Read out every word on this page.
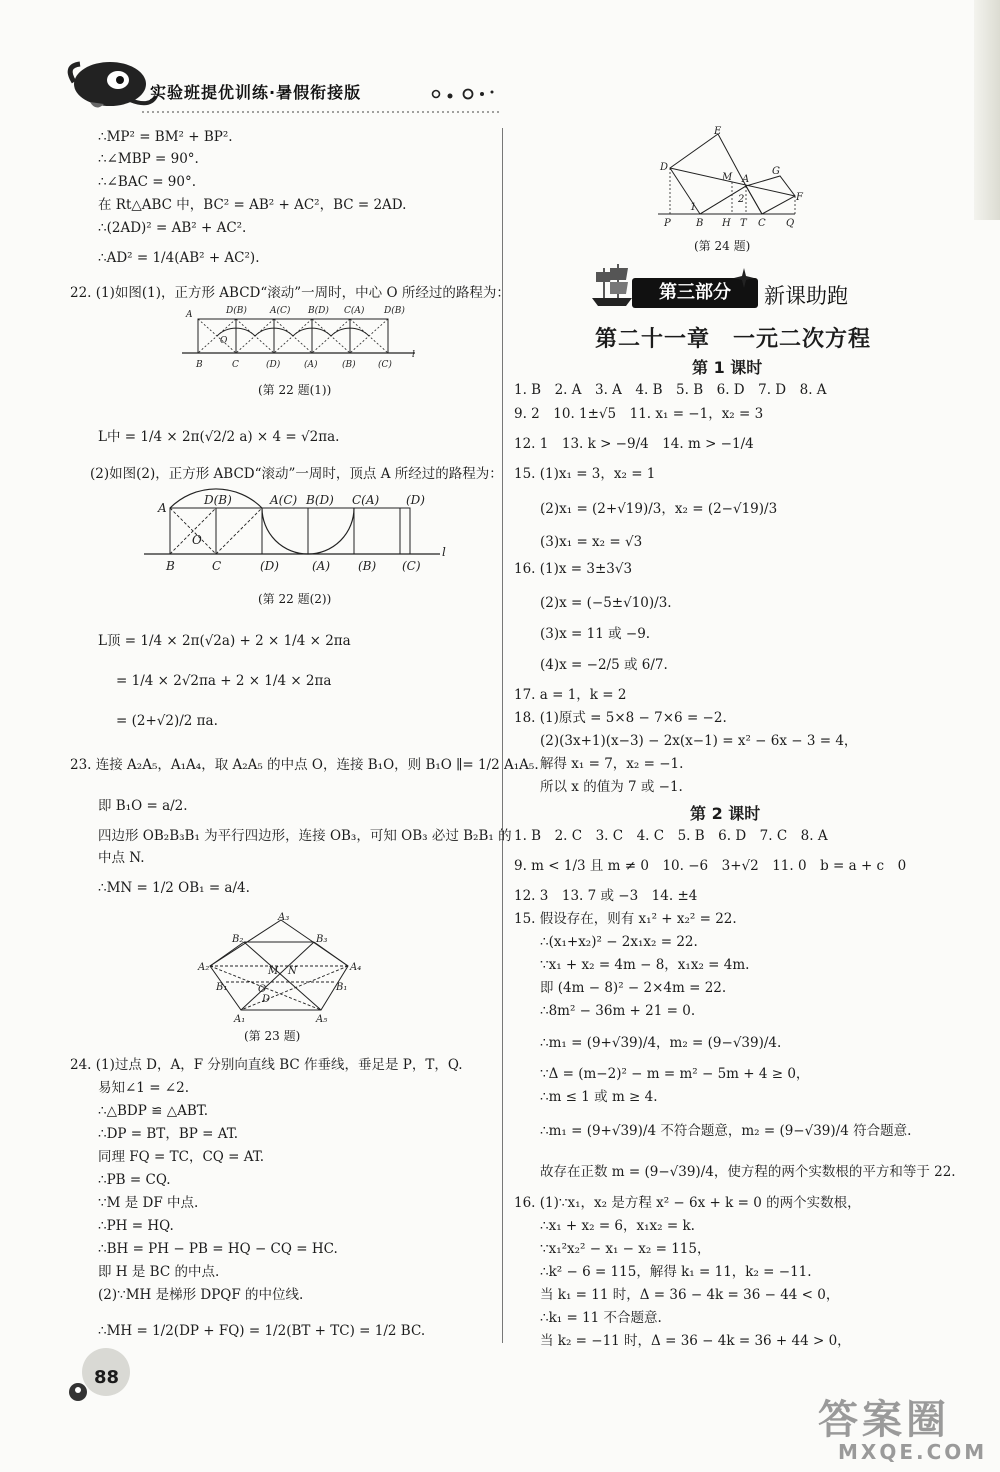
实验班提优训练·暑假衔接版
∴MP² = BM² + BP².
∴∠MBP = 90°.
∴∠BAC = 90°.
在 Rt△ABC 中，BC² = AB² + AC²，BC = 2AD.
∴(2AD)² = AB² + AC².
∴AD² = 1/4(AB² + AC²).
22. (1)如图(1)，正方形 ABCD“滚动”一周时，中心 O 所经过的路程为：
A	D(B)	A(C) B(D) C(A) D(B)
B	C	(D)	(A)	(B) (C)
O
l
(第 22 题(1))
L中 = 1/4 × 2π(√2/2 a) × 4 = √2πa.
(2)如图(2)，正方形 ABCD“滚动”一周时，顶点 A 所经过的路程为：
A
D(B)	A(C) B(D) C(A) (D)
B	C	(D)	(A) (B) (C)
O
l
(第 22 题(2))
L顶 = 1/4 × 2π(√2a) + 2 × 1/4 × 2πa
= 1/4 × 2√2πa + 2 × 1/4 × 2πa
= (2+√2)/2 πa.
23. 连接 A₂A₅，A₁A₄，取 A₂A₅ 的中点 O，连接 B₁O，则 B₁O ∥= 1/2 A₁A₅.
即 B₁O = a/2.
四边形 OB₂B₃B₁ 为平行四边形，连接 OB₃，可知 OB₃ 必过 B₂B₁ 的
中点 N.
∴MN = 1/2 OB₁ = a/4.
A₃
B₂	B₃
A₂	A₄
M N
O
B₁
D
B₁
A₁	A₅
(第 23 题)
24. (1)过点 D，A，F 分别向直线 BC 作垂线，垂足是 P，T，Q.
易知∠1 = ∠2.
∴△BDP ≌ △ABT.
∴DP = BT，BP = AT.
同理 FQ = TC，CQ = AT.
∴PB = CQ.
∵M 是 DF 中点.
∴PH = HQ.
∴BH = PH − PB = HQ − CQ = HC.
即 H 是 BC 的中点.
(2)∵MH 是梯形 DPQF 的中位线.
∴MH = 1/2(DP + FQ) = 1/2(BT + TC) = 1/2 BC.
88
E
D
M A
G
1
2	F
P	B H T C Q
(第 24 题)
第三部分	新课助跑
第二十一章　一元二次方程
第 1 课时
1. B　2. A　3. A　4. B　5. B　6. D　7. D　8. A
9. 2　10. 1±√5　11. x₁ = −1，x₂ = 3
12. 1　13. k > −9/4　14. m > −1/4
15. (1)x₁ = 3，x₂ = 1
(2)x₁ = (2+√19)/3，x₂ = (2−√19)/3
(3)x₁ = x₂ = √3
16. (1)x = 3±3√3
(2)x = (−5±√10)/3.
(3)x = 11 或 −9.
(4)x = −2/5 或 6/7.
17. a = 1，k = 2
18. (1)原式 = 5×8 − 7×6 = −2.
(2)(3x+1)(x−3) − 2x(x−1) = x² − 6x − 3 = 4，
解得 x₁ = 7，x₂ = −1.
所以 x 的值为 7 或 −1.
第 2 课时
1. B　2. C　3. C　4. C　5. B　6. D　7. C　8. A
9. m < 1/3 且 m ≠ 0　10. −6　3+√2　11. 0　b = a + c　0
12. 3　13. 7 或 −3　14. ±4
15. 假设存在，则有 x₁² + x₂² = 22.
∴(x₁+x₂)² − 2x₁x₂ = 22.
∵x₁ + x₂ = 4m − 8，x₁x₂ = 4m.
即 (4m − 8)² − 2×4m = 22.
∴8m² − 36m + 21 = 0.
∴m₁ = (9+√39)/4，m₂ = (9−√39)/4.
∵Δ = (m−2)² − m = m² − 5m + 4 ≥ 0，
∴m ≤ 1 或 m ≥ 4.
∴m₁ = (9+√39)/4 不符合题意，m₂ = (9−√39)/4 符合题意.
故存在正数 m = (9−√39)/4，使方程的两个实数根的平方和等于 22.
16. (1)∵x₁，x₂ 是方程 x² − 6x + k = 0 的两个实数根，
∴x₁ + x₂ = 6，x₁x₂ = k.
∵x₁²x₂² − x₁ − x₂ = 115，
∴k² − 6 = 115，解得 k₁ = 11，k₂ = −11.
当 k₁ = 11 时，Δ = 36 − 4k = 36 − 44 < 0，
∴k₁ = 11 不合题意.
当 k₂ = −11 时，Δ = 36 − 4k = 36 + 44 > 0，
答案圈
MXQE.COM
